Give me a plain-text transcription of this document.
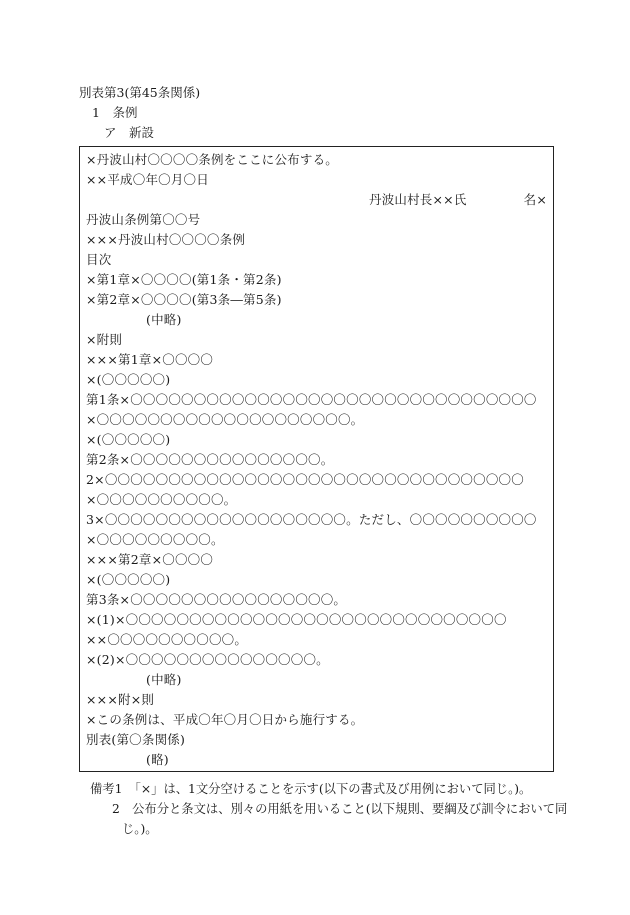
別表第3(第45条関係)
1　条例
ア　新設
×丹波山村〇〇〇〇条例をここに公布する。
××平成〇年〇月〇日
丹波山村長××氏	名×
丹波山条例第〇〇号
×××丹波山村〇〇〇〇条例
目次
×第1章×〇〇〇〇(第1条・第2条)
×第2章×〇〇〇〇(第3条―第5条)
(中略)
×附則
×××第1章×〇〇〇〇
×(〇〇〇〇〇)
第1条×〇〇〇〇〇〇〇〇〇〇〇〇〇〇〇〇〇〇〇〇〇〇〇〇〇〇〇〇〇〇〇〇
×〇〇〇〇〇〇〇〇〇〇〇〇〇〇〇〇〇〇〇〇。
×(〇〇〇〇〇)
第2条×〇〇〇〇〇〇〇〇〇〇〇〇〇〇〇。
2×〇〇〇〇〇〇〇〇〇〇〇〇〇〇〇〇〇〇〇〇〇〇〇〇〇〇〇〇〇〇〇〇〇
×〇〇〇〇〇〇〇〇〇〇。
3×〇〇〇〇〇〇〇〇〇〇〇〇〇〇〇〇〇〇〇。ただし、〇〇〇〇〇〇〇〇〇〇
×〇〇〇〇〇〇〇〇〇。
×××第2章×〇〇〇〇
×(〇〇〇〇〇)
第3条×〇〇〇〇〇〇〇〇〇〇〇〇〇〇〇〇。
×(1)×〇〇〇〇〇〇〇〇〇〇〇〇〇〇〇〇〇〇〇〇〇〇〇〇〇〇〇〇〇〇
××〇〇〇〇〇〇〇〇〇〇。
×(2)×〇〇〇〇〇〇〇〇〇〇〇〇〇〇〇。
(中略)
×××附×則
×この条例は、平成〇年〇月〇日から施行する。
別表(第〇条関係)
(略)
備考1　「×」は、1文分空けることを示す(以下の書式及び用例において同じ。)。
2　公布分と条文は、別々の用紙を用いること(以下規則、要綱及び訓令において同
じ。)。
